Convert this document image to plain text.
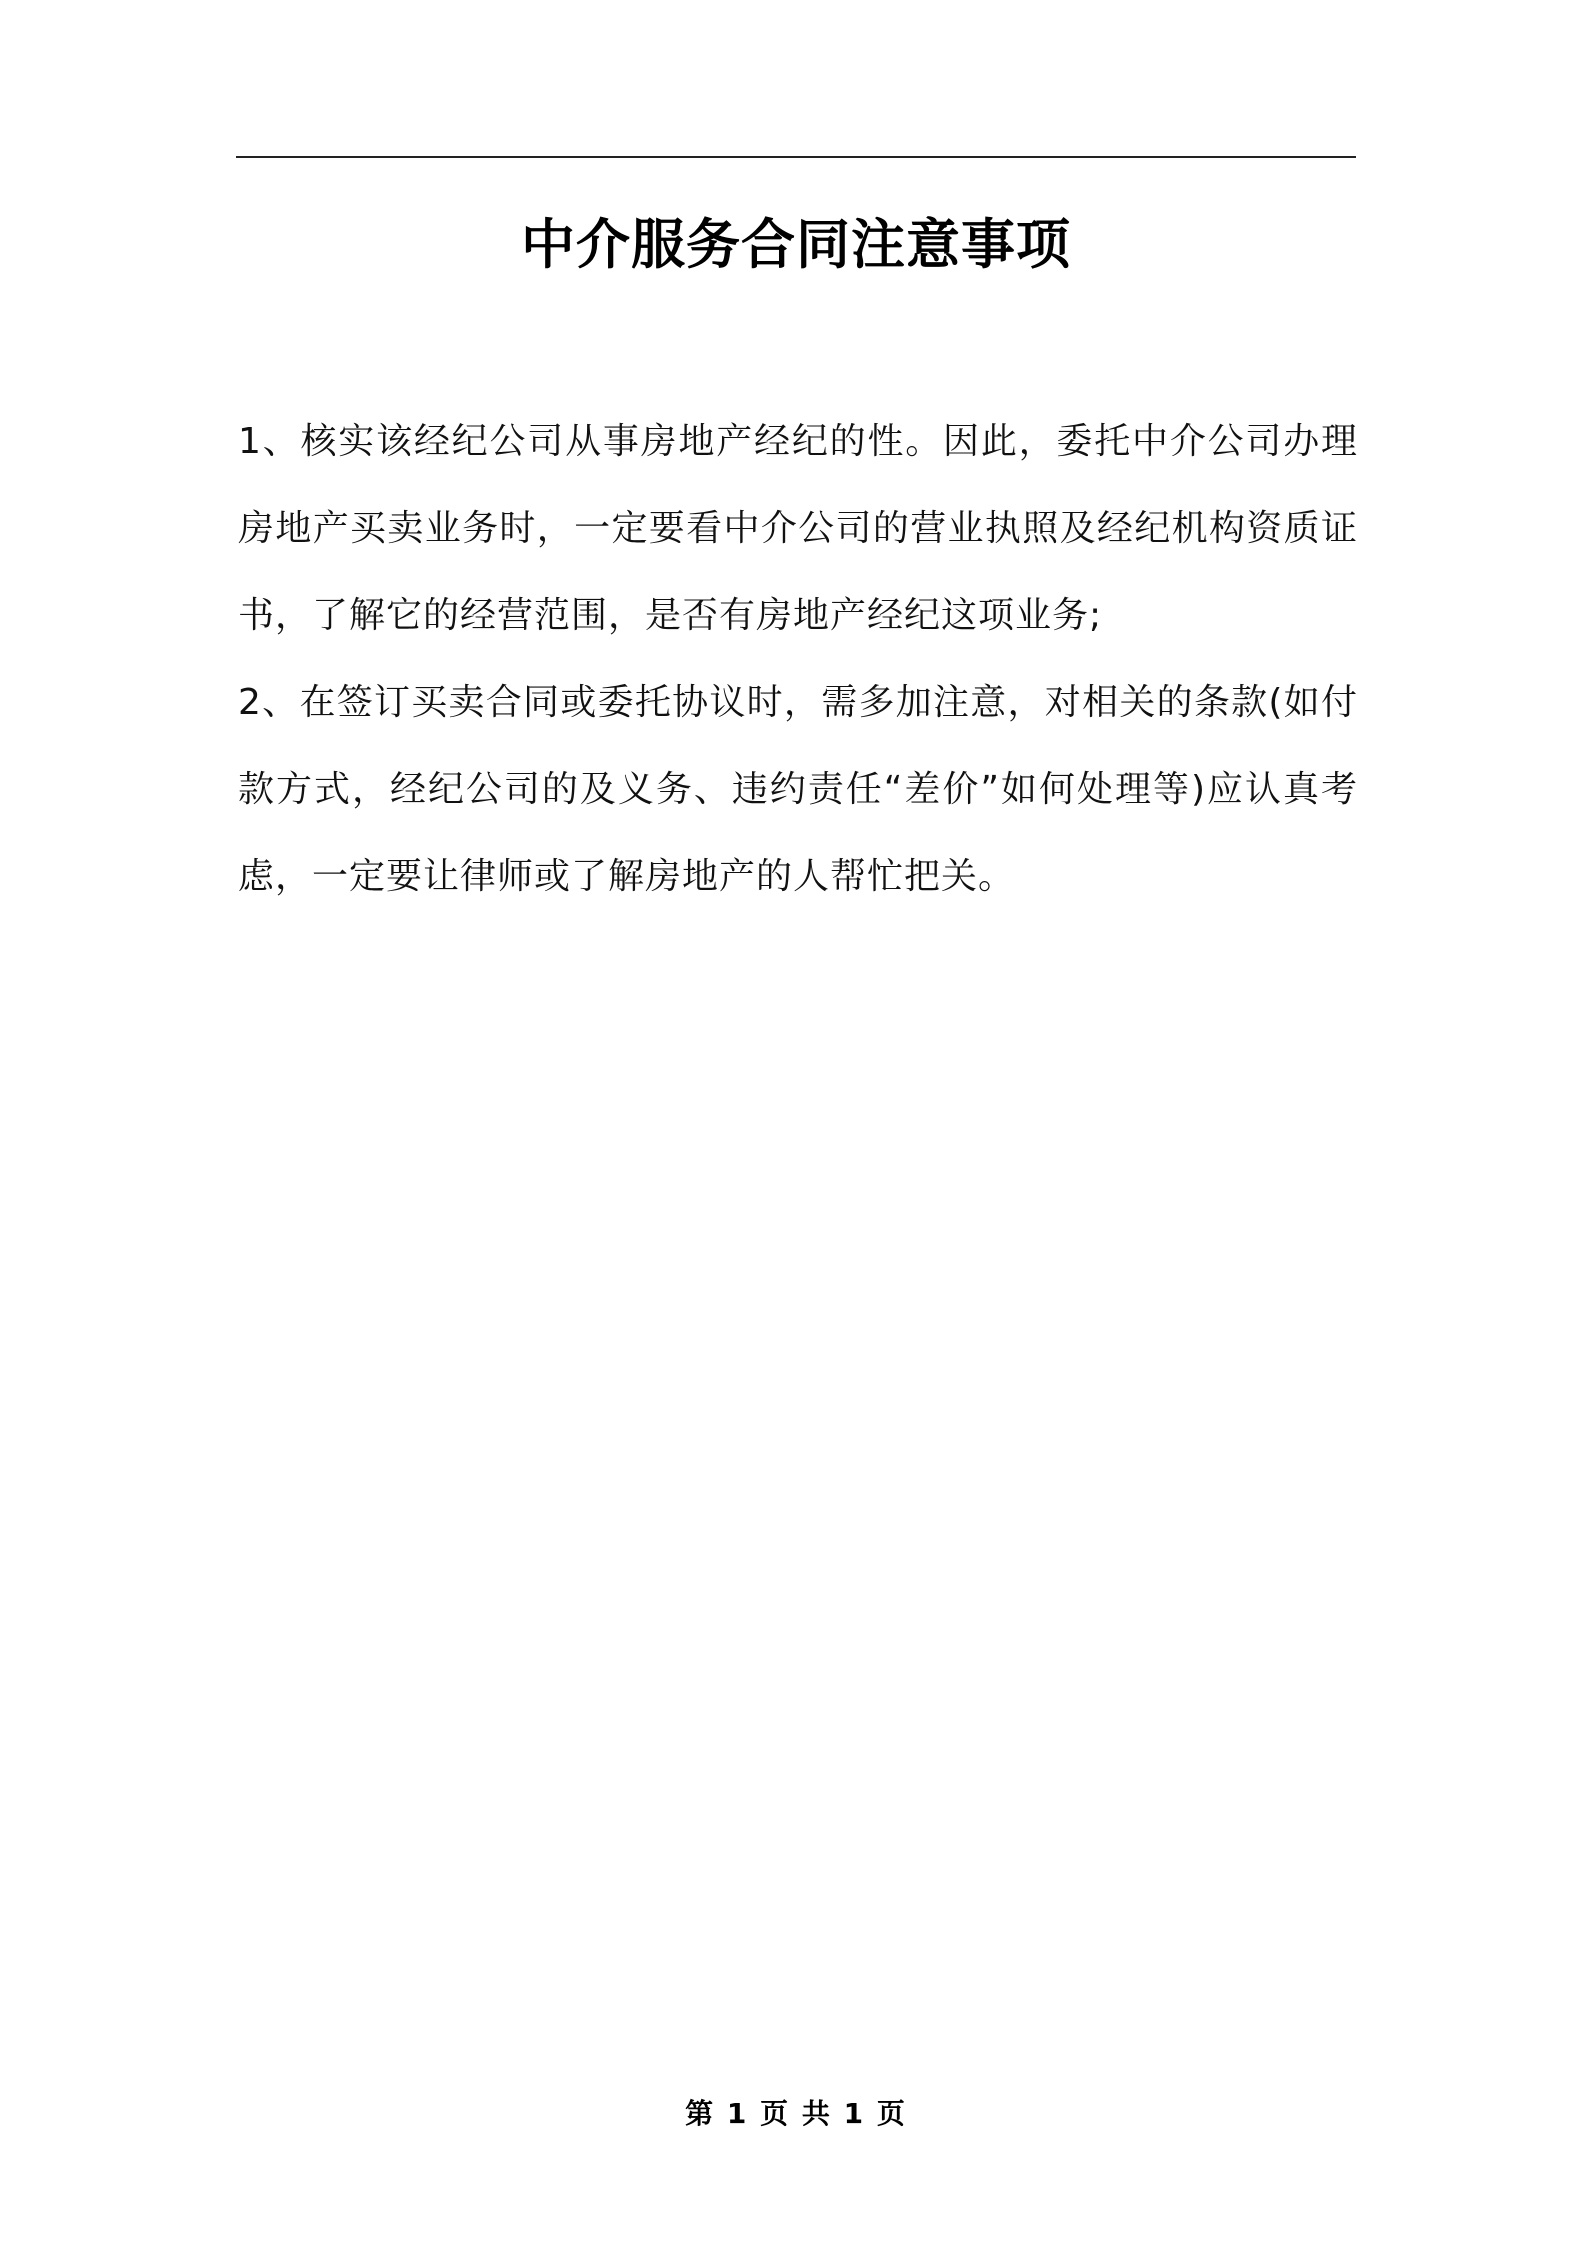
中介服务合同注意事项

1、核实该经纪公司从事房地产经纪的性。因此，委托中介公司办理房地产买卖业务时，一定要看中介公司的营业执照及经纪机构资质证书，了解它的经营范围，是否有房地产经纪这项业务;

2、在签订买卖合同或委托协议时，需多加注意，对相关的条款(如付款方式，经纪公司的及义务、违约责任“差价”如何处理等)应认真考虑，一定要让律师或了解房地产的人帮忙把关。

第 1 页 共 1 页
